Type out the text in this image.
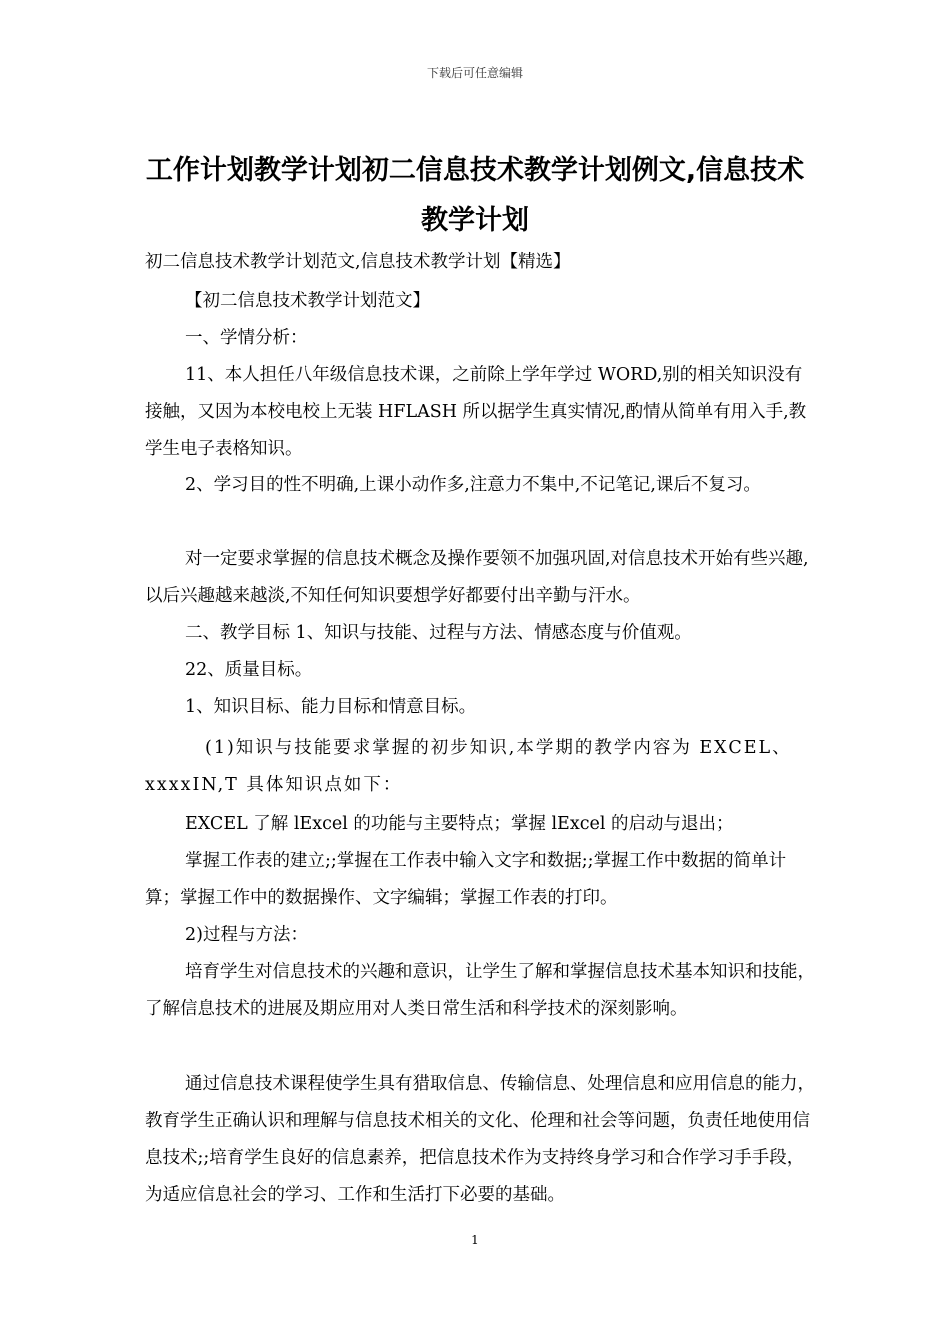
下载后可任意编辑
工作计划教学计划初二信息技术教学计划例文,信息技术教学计划
初二信息技术教学计划范文,信息技术教学计划【精选】
【初二信息技术教学计划范文】
一、学情分析：
11、本人担任八年级信息技术课，之前除上学年学过 WORD,别的相关知识没有接触，又因为本校电校上无装 HFLASH 所以据学生真实情况,酌情从简单有用入手,教学生电子表格知识。
2、学习目的性不明确,上课小动作多,注意力不集中,不记笔记,课后不复习。
对一定要求掌握的信息技术概念及操作要领不加强巩固,对信息技术开始有些兴趣,以后兴趣越来越淡,不知任何知识要想学好都要付出辛勤与汗水。
二、教学目标 1、知识与技能、过程与方法、情感态度与价值观。
22、质量目标。
1、知识目标、能力目标和情意目标。
(1)知识与技能要求掌握的初步知识,本学期的教学内容为 EXCEL、xxxxIN,T 具体知识点如下：
EXCEL 了解 lExcel 的功能与主要特点；掌握 lExcel 的启动与退出；
掌握工作表的建立;;掌握在工作表中输入文字和数据;;掌握工作中数据的简单计算；掌握工作中的数据操作、文字编辑；掌握工作表的打印。
2)过程与方法：
培育学生对信息技术的兴趣和意识，让学生了解和掌握信息技术基本知识和技能，了解信息技术的进展及期应用对人类日常生活和科学技术的深刻影响。
通过信息技术课程使学生具有猎取信息、传输信息、处理信息和应用信息的能力，教育学生正确认识和理解与信息技术相关的文化、伦理和社会等问题，负责任地使用信息技术;;培育学生良好的信息素养，把信息技术作为支持终身学习和合作学习手手段，为适应信息社会的学习、工作和生活打下必要的基础。
1
